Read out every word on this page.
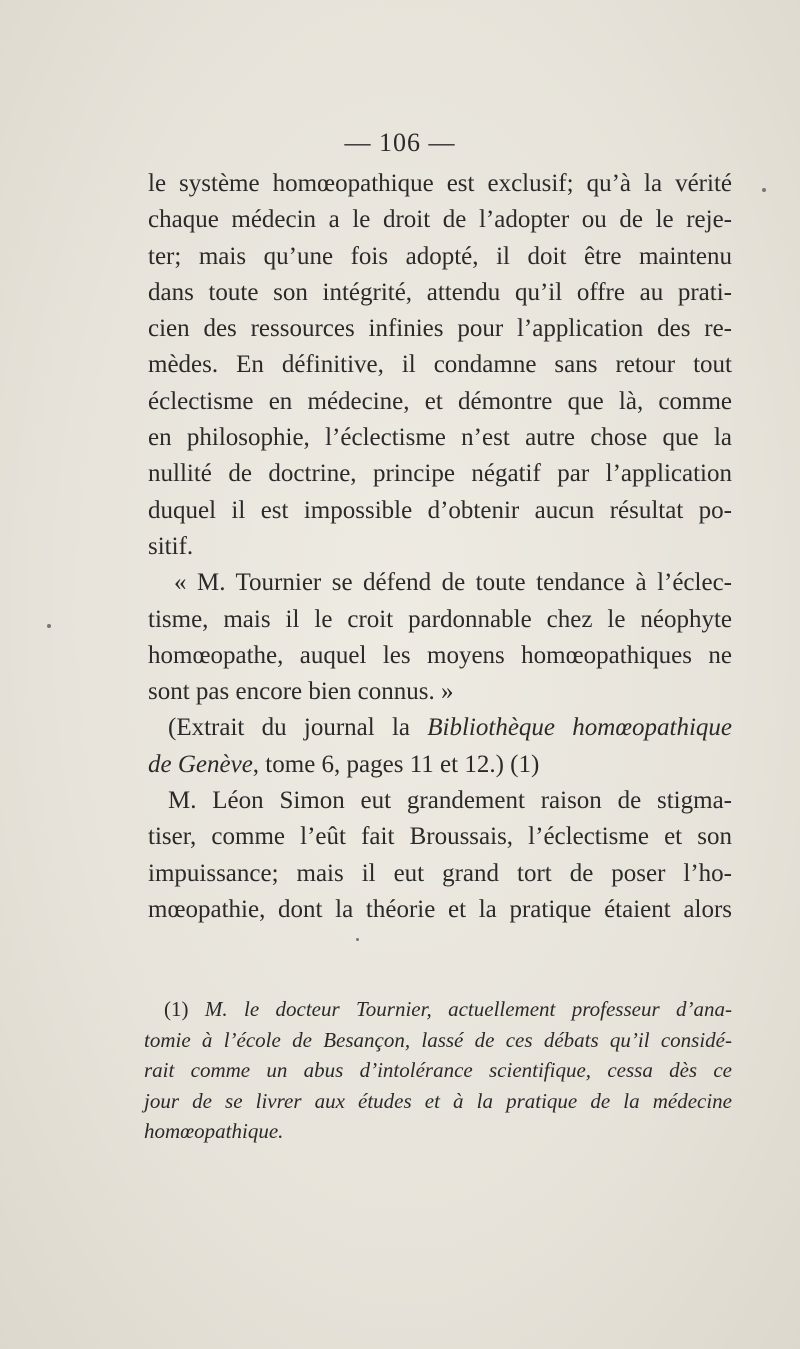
— 106 —
le système homœopathique est exclusif; qu’à la vérité
chaque médecin a le droit de l’adopter ou de le reje-
ter; mais qu’une fois adopté, il doit être maintenu
dans toute son intégrité, attendu qu’il offre au prati-
cien des ressources infinies pour l’application des re-
mèdes. En définitive, il condamne sans retour tout
éclectisme en médecine, et démontre que là, comme
en philosophie, l’éclectisme n’est autre chose que la
nullité de doctrine, principe négatif par l’application
duquel il est impossible d’obtenir aucun résultat po-
sitif.
« M. Tournier se défend de toute tendance à l’éclec-
tisme, mais il le croit pardonnable chez le néophyte
homœopathe, auquel les moyens homœopathiques ne
sont pas encore bien connus. »
(Extrait du journal la Bibliothèque homœopathique
de Genève, tome 6, pages 11 et 12.) (1)
M. Léon Simon eut grandement raison de stigma-
tiser, comme l’eût fait Broussais, l’éclectisme et son
impuissance; mais il eut grand tort de poser l’ho-
mœopathie, dont la théorie et la pratique étaient alors
(1) M. le docteur Tournier, actuellement professeur d’ana-
tomie à l’école de Besançon, lassé de ces débats qu’il considé-
rait comme un abus d’intolérance scientifique, cessa dès ce
jour de se livrer aux études et à la pratique de la médecine
homœopathique.
